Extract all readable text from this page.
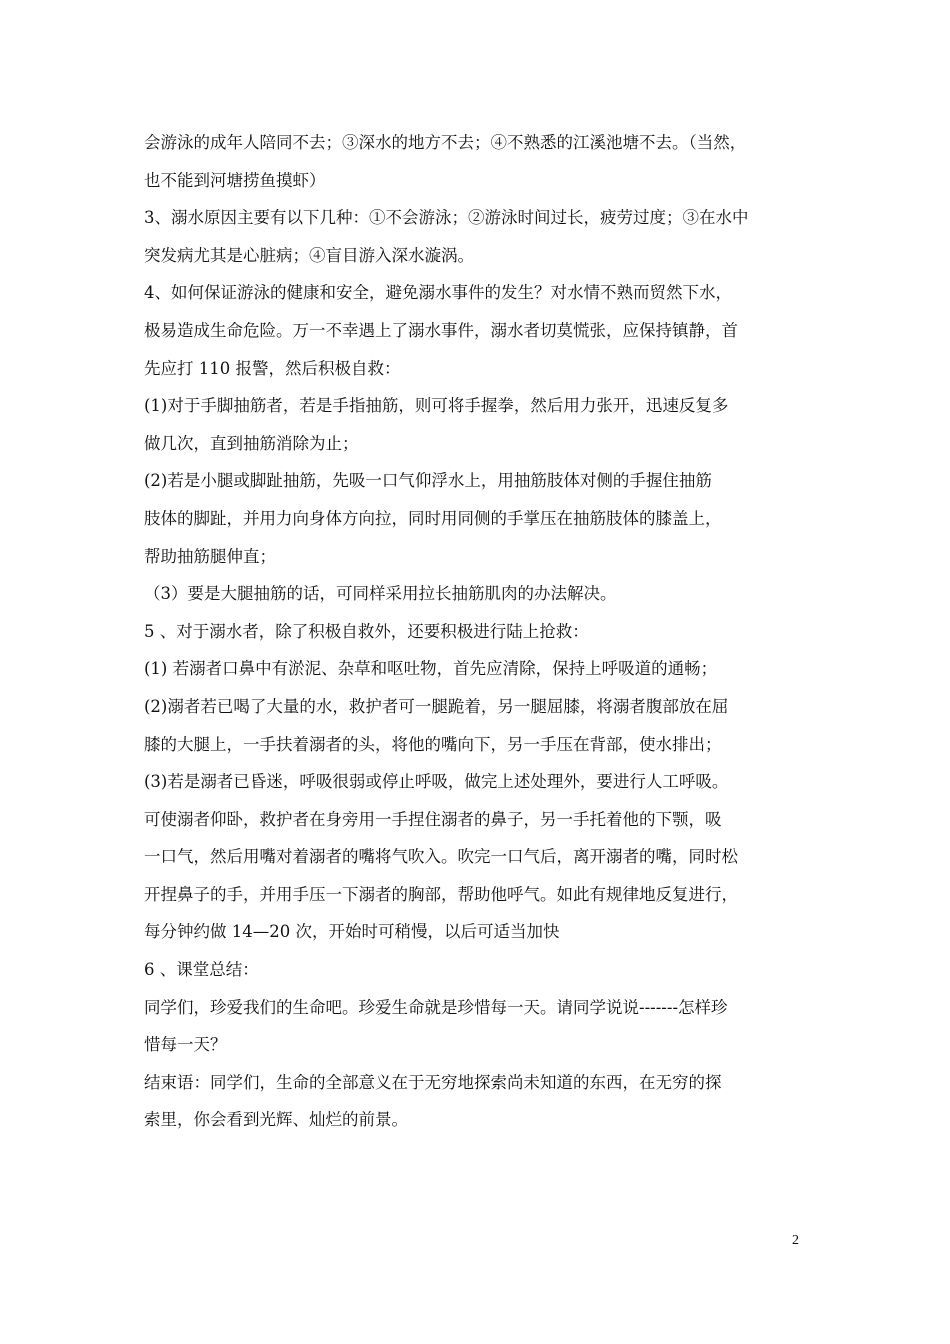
会游泳的成年人陪同不去；③深水的地方不去；④不熟悉的江溪池塘不去。（当然，
也不能到河塘捞鱼摸虾）
3、溺水原因主要有以下几种：①不会游泳；②游泳时间过长，疲劳过度；③在水中
突发病尤其是心脏病；④盲目游入深水漩涡。
4、如何保证游泳的健康和安全，避免溺水事件的发生？对水情不熟而贸然下水，
极易造成生命危险。万一不幸遇上了溺水事件，溺水者切莫慌张，应保持镇静，首
先应打 110 报警，然后积极自救：
(1)对于手脚抽筋者，若是手指抽筋，则可将手握拳，然后用力张开，迅速反复多
做几次，直到抽筋消除为止；
(2)若是小腿或脚趾抽筋，先吸一口气仰浮水上，用抽筋肢体对侧的手握住抽筋
肢体的脚趾，并用力向身体方向拉，同时用同侧的手掌压在抽筋肢体的膝盖上，
帮助抽筋腿伸直；
（3）要是大腿抽筋的话，可同样采用拉长抽筋肌肉的办法解决。
5 、对于溺水者，除了积极自救外，还要积极进行陆上抢救：
(1) 若溺者口鼻中有淤泥、杂草和呕吐物，首先应清除，保持上呼吸道的通畅；
(2)溺者若已喝了大量的水，救护者可一腿跪着，另一腿屈膝，将溺者腹部放在屈
膝的大腿上，一手扶着溺者的头，将他的嘴向下，另一手压在背部，使水排出；
(3)若是溺者已昏迷，呼吸很弱或停止呼吸，做完上述处理外，要进行人工呼吸。
可使溺者仰卧，救护者在身旁用一手捏住溺者的鼻子，另一手托着他的下颚，吸
一口气，然后用嘴对着溺者的嘴将气吹入。吹完一口气后，离开溺者的嘴，同时松
开捏鼻子的手，并用手压一下溺者的胸部，帮助他呼气。如此有规律地反复进行，
每分钟约做 14—20 次，开始时可稍慢，以后可适当加快
6 、课堂总结：
同学们，珍爱我们的生命吧。珍爱生命就是珍惜每一天。请同学说说-------怎样珍
惜每一天？
结束语：同学们，生命的全部意义在于无穷地探索尚未知道的东西，在无穷的探
索里，你会看到光辉、灿烂的前景。
2
